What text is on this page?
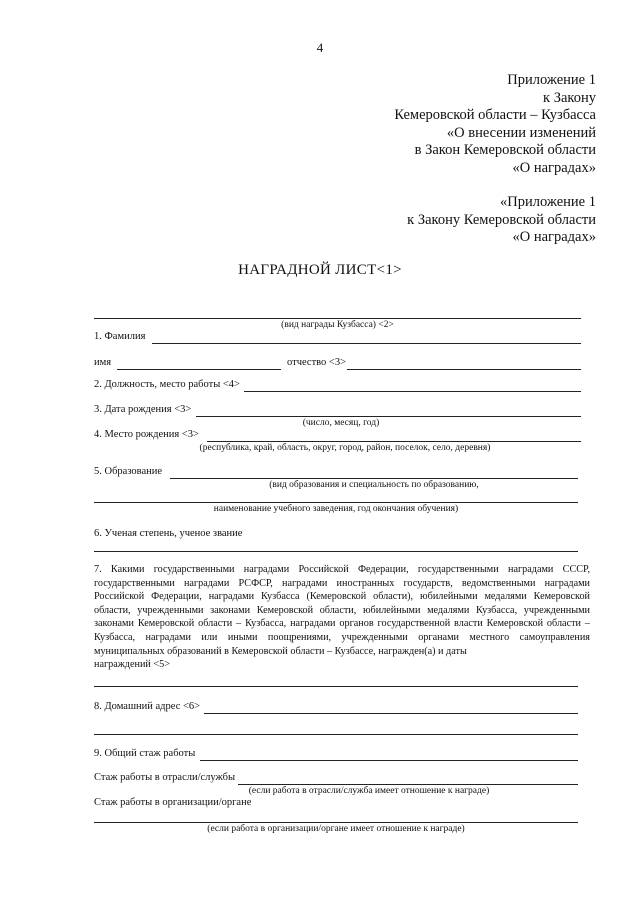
4
Приложение 1
к Закону
Кемеровской области – Кузбасса
«О внесении изменений
в Закон Кемеровской области
«О наградах»
«Приложение 1
к Закону Кемеровской области
«О наградах»
НАГРАДНОЙ ЛИСТ<1>
(вид награды Кузбасса) <2>
1. Фамилия
имя	отчество <3>
2. Должность, место работы <4>
3. Дата рождения <3>
(число, месяц, год)
4. Место рождения <3>
(республика, край, область, округ, город, район, поселок, село, деревня)
5. Образование
(вид образования и специальность по образованию,
наименование учебного заведения, год окончания обучения)
6. Ученая степень, ученое звание
7. Какими государственными наградами Российской Федерации, государственными наградами СССР, государственными наградами РСФСР, наградами иностранных государств, ведомственными наградами Российской Федерации, наградами Кузбасса (Кемеровской области), юбилейными медалями Кемеровской области, учрежденными законами Кемеровской области, юбилейными медалями Кузбасса, учрежденными законами Кемеровской области – Кузбасса, наградами органов государственной власти Кемеровской области – Кузбасса, наградами или иными поощрениями, учрежденными органами местного самоуправления муниципальных образований в Кемеровской области – Кузбассе, награжден(а) и даты
награждений <5>
8. Домашний адрес <6>
9. Общий стаж работы
Стаж работы в отрасли/службы
(если работа в отрасли/служба имеет отношение к награде)
Стаж работы в организации/органе
(если работа в организации/органе имеет отношение к награде)
